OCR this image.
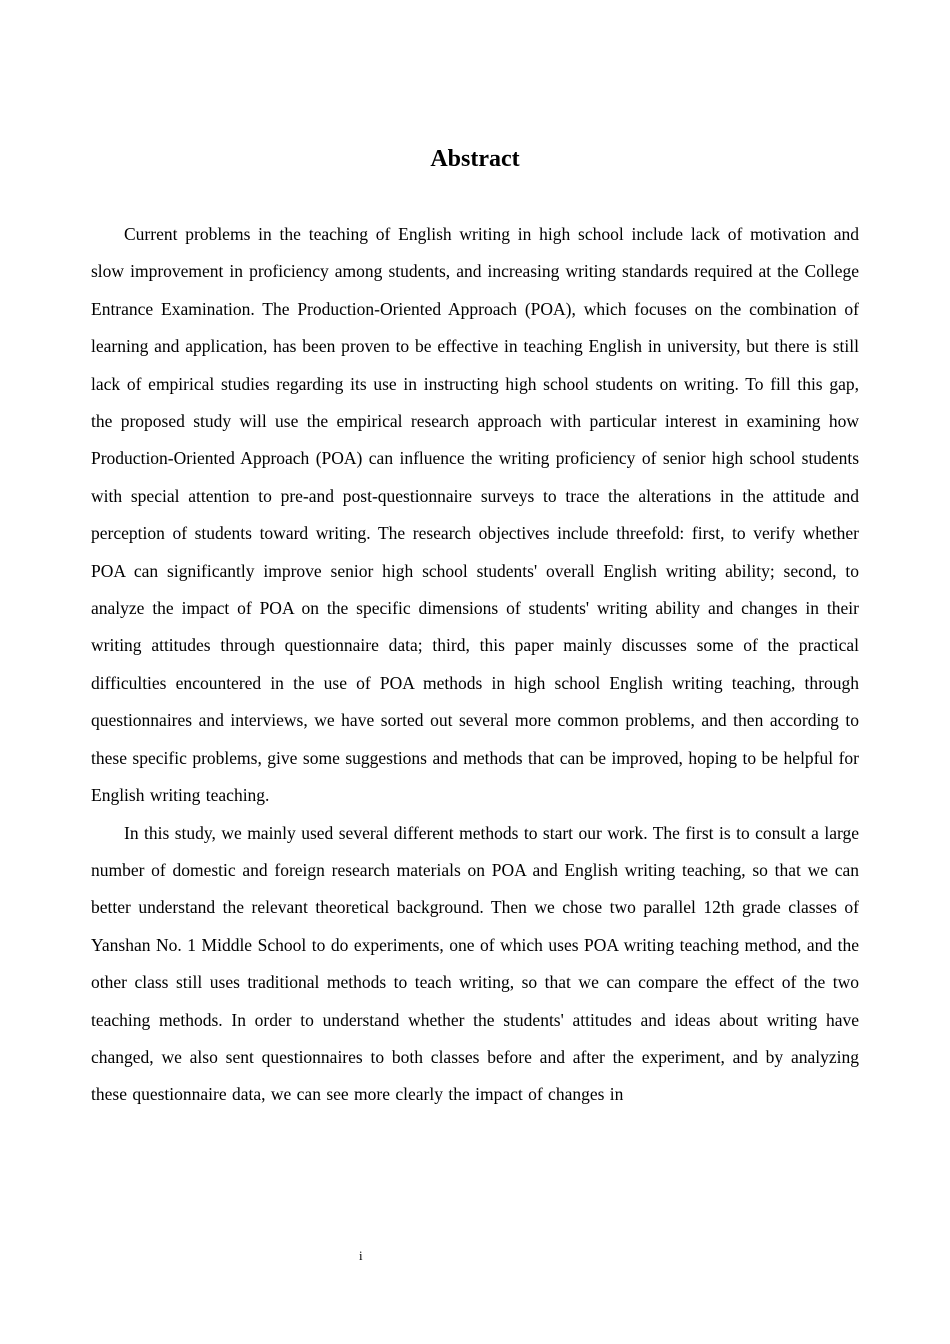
Abstract

Current problems in the teaching of English writing in high school include lack of motivation and slow improvement in proficiency among students, and increasing writing standards required at the College Entrance Examination. The Production-Oriented Approach (POA), which focuses on the combination of learning and application, has been proven to be effective in teaching English in university, but there is still lack of empirical studies regarding its use in instructing high school students on writing. To fill this gap, the proposed study will use the empirical research approach with particular interest in examining how Production-Oriented Approach (POA) can influence the writing proficiency of senior high school students with special attention to pre-and post-questionnaire surveys to trace the alterations in the attitude and perception of students toward writing. The research objectives include threefold: first, to verify whether POA can significantly improve senior high school students' overall English writing ability; second, to analyze the impact of POA on the specific dimensions of students' writing ability and changes in their writing attitudes through questionnaire data; third, this paper mainly discusses some of the practical difficulties encountered in the use of POA methods in high school English writing teaching, through questionnaires and interviews, we have sorted out several more common problems, and then according to these specific problems, give some suggestions and methods that can be improved, hoping to be helpful for English writing teaching.

In this study, we mainly used several different methods to start our work. The first is to consult a large number of domestic and foreign research materials on POA and English writing teaching, so that we can better understand the relevant theoretical background. Then we chose two parallel 12th grade classes of Yanshan No. 1 Middle School to do experiments, one of which uses POA writing teaching method, and the other class still uses traditional methods to teach writing, so that we can compare the effect of the two teaching methods. In order to understand whether the students' attitudes and ideas about writing have changed, we also sent questionnaires to both classes before and after the experiment, and by analyzing these questionnaire data, we can see more clearly the impact of changes in

i
